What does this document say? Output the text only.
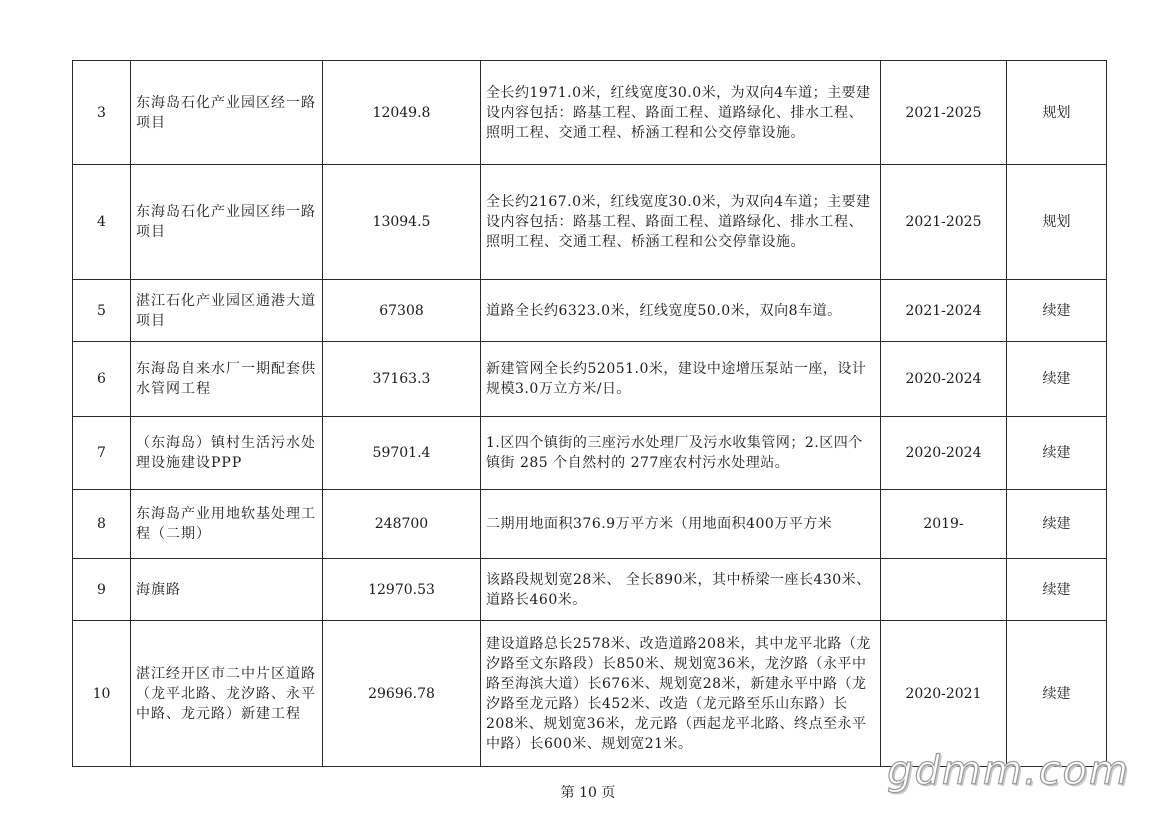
3	东海岛石化产业园区经一路项目	12049.8	全长约1971.0米，红线宽度30.0米，为双向4车道；主要建设内容包括：路基工程、路面工程、道路绿化、排水工程、照明工程、交通工程、桥涵工程和公交停靠设施。	2021-2025	规划
4	东海岛石化产业园区纬一路项目	13094.5	全长约2167.0米，红线宽度30.0米，为双向4车道；主要建设内容包括：路基工程、路面工程、道路绿化、排水工程、照明工程、交通工程、桥涵工程和公交停靠设施。	2021-2025	规划
5	湛江石化产业园区通港大道项目	67308	道路全长约6323.0米，红线宽度50.0米，双向8车道。	2021-2024	续建
6	东海岛自来水厂一期配套供水管网工程	37163.3	新建管网全长约52051.0米，建设中途增压泵站一座，设计规模3.0万立方米/日。	2020-2024	续建
7	（东海岛）镇村生活污水处理设施建设PPP	59701.4	1.区四个镇街的三座污水处理厂及污水收集管网；2.区四个镇街 285 个自然村的 277座农村污水处理站。	2020-2024	续建
8	东海岛产业用地软基处理工程（二期）	248700	二期用地面积376.9万平方米（用地面积400万平方米	2019-	续建
9	海旗路	12970.53	该路段规划宽28米、 全长890米，其中桥梁一座长430米、道路长460米。		续建
10	湛江经开区市二中片区道路（龙平北路、龙汐路、永平中路、龙元路）新建工程	29696.78	建设道路总长2578米、改造道路208米，其中龙平北路（龙汐路至文东路段）长850米、规划宽36米，龙汐路（永平中路至海滨大道）长676米、规划宽28米，新建永平中路（龙汐路至龙元路）长452米、改造（龙元路至乐山东路）长208米、规划宽36米，龙元路（西起龙平北路、终点至永平中路）长600米、规划宽21米。	2020-2021	续建
第 10 页	gdmm.com
